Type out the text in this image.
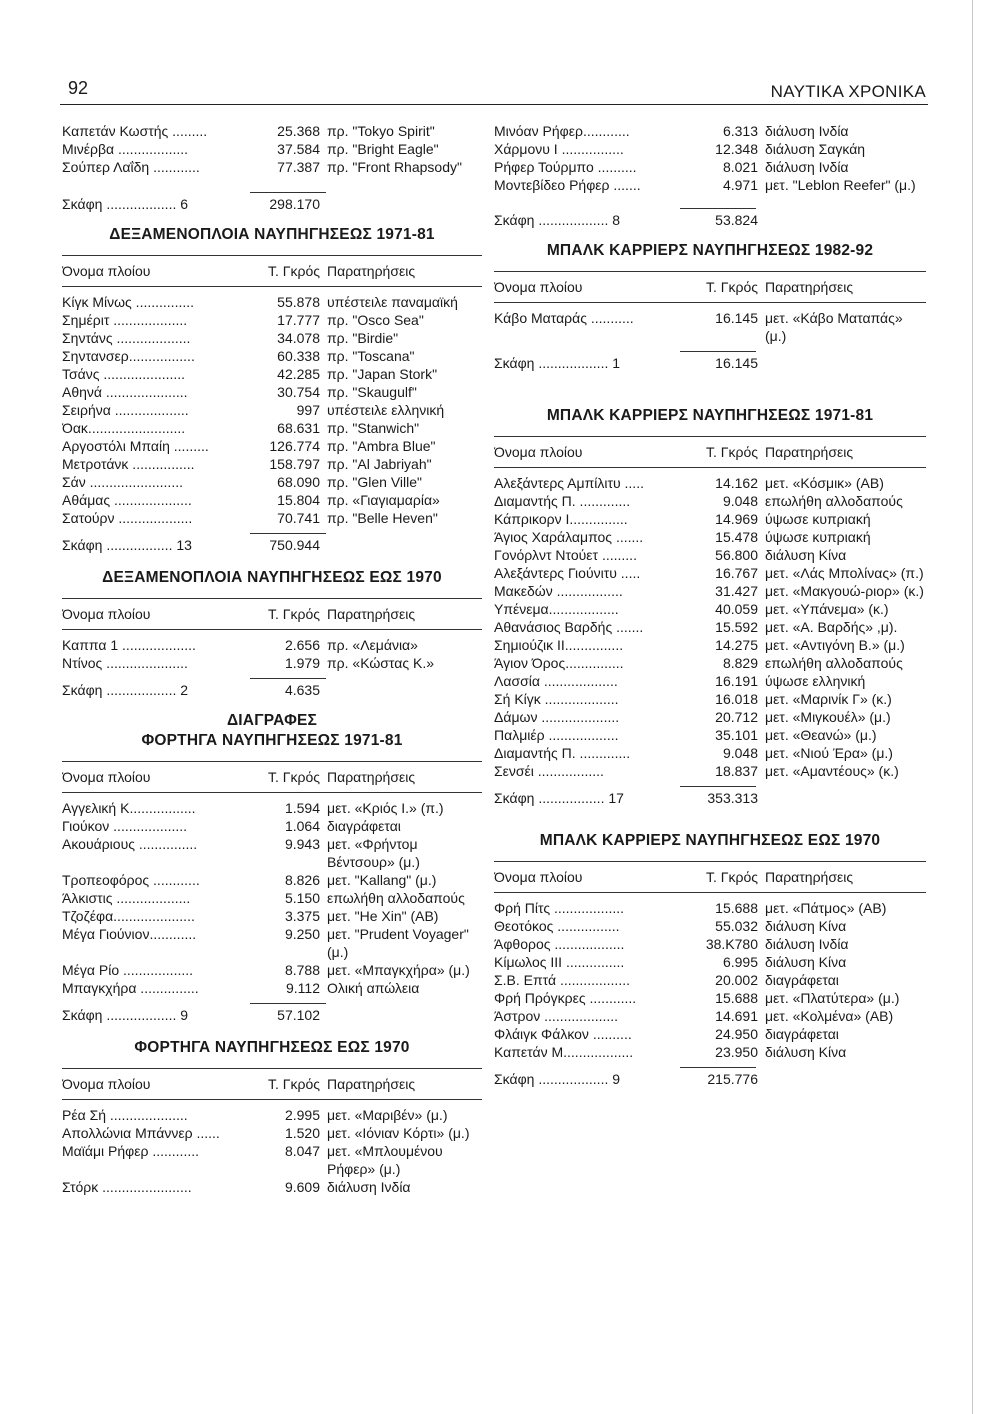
92	ΝΑΥΤΙΚΑ ΧΡΟΝΙΚΑ
Καπετάν Κωστής .........	25.368 πρ. "Tokyo Spirit"
Μινέρβα ..................	37.584 πρ. "Bright Eagle"
Σούπερ Λαΐδη ............	77.387 πρ. "Front Rhapsody"
Σκάφη .................. 6	298.170
ΔΕΞΑΜΕΝΟΠΛΟΙΑ ΝΑΥΠΗΓΗΣΕΩΣ 1971-81
Όνομα πλοίου	Τ. Γκρός Παρατηρήσεις
Κίγκ Μίνως ...............	55.878 υπέστειλε παναμαϊκή
Σημέριτ ...................	17.777 πρ. "Osco Sea"
Σηντάνς ...................	34.078 πρ. "Birdie"
Σηντανσερ.................	60.338 πρ. "Toscana"
Τσάνς .....................	42.285 πρ. "Japan Stork"
Αθηνά .....................	30.754 πρ. "Skaugulf"
Σειρήνα ...................	997 υπέστειλε ελληνική
Όακ.........................	68.631 πρ. "Stanwich"
Αργοστόλι Μπαίη .........	126.774 πρ. "Ambra Blue"
Μετροτάνκ ................	158.797 πρ. "Al Jabriyah"
Σάν ........................	68.090 πρ. "Glen Ville"
Αθάμας ....................	15.804 πρ. «Γιαγιαμαρία»
Σατούρν ...................	70.741 πρ. "Belle Heven"
Σκάφη ................. 13	750.944
ΔΕΞΑΜΕΝΟΠΛΟΙΑ ΝΑΥΠΗΓΗΣΕΩΣ ΕΩΣ 1970
Όνομα πλοίου	Τ. Γκρός Παρατηρήσεις
Καππα 1 ...................	2.656 πρ. «Λεμάνια»
Ντίνος .....................	1.979 πρ. «Κώστας Κ.»
Σκάφη .................. 2	4.635
ΔΙΑΓΡΑΦΕΣ
ΦΟΡΤΗΓΑ ΝΑΥΠΗΓΗΣΕΩΣ 1971-81
Όνομα πλοίου	Τ. Γκρός Παρατηρήσεις
Αγγελική Κ.................	1.594 μετ. «Κριός Ι.» (π.)
Γιούκον ...................	1.064 διαγράφεται
Ακουάριους ...............	9.943 μετ. «Φρήντομ Βέντσουρ» (μ.)
Τροπεοφόρος ............	8.826 μετ. "Kallang" (μ.)
Άλκιστις ...................	5.150 επωλήθη αλλοδαπούς
Τζοζέφα.....................	3.375 μετ. "He Xin" (AB)
Μέγα Γιούνιον............	9.250 μετ. "Prudent Voyager" (μ.)
Μέγα Ρίο ..................	8.788 μετ. «Μπαγκχήρα» (μ.)
Μπαγκχήρα ...............	9.112 Ολική απώλεια
Σκάφη .................. 9	57.102
ΦΟΡΤΗΓΑ ΝΑΥΠΗΓΗΣΕΩΣ ΕΩΣ 1970
Όνομα πλοίου	Τ. Γκρός Παρατηρήσεις
Ρέα Σή ....................	2.995 μετ. «Μαριβέν» (μ.)
Απολλώνια Μπάννερ ......	1.520 μετ. «Ιόνιαν Κόρτι» (μ.)
Μαϊάμι Ρήφερ ............	8.047 μετ. «Μπλουμένου Ρήφερ» (μ.)
Στόρκ .......................	9.609 διάλυση Ινδία
Μινόαν Ρήφερ............	6.313 διάλυση Ινδία
Χάρμονυ Ι ................	12.348 διάλυση Σαγκάη
Ρήφερ Τούρμπο ..........	8.021 διάλυση Ινδία
Μοντεβίδεο Ρήφερ .......	4.971 μετ. "Leblon Reefer" (μ.)
Σκάφη .................. 8	53.824
ΜΠΑΛΚ ΚΑΡΡΙΕΡΣ ΝΑΥΠΗΓΗΣΕΩΣ 1982-92
Όνομα πλοίου	Τ. Γκρός Παρατηρήσεις
Κάβο Ματαράς ...........	16.145 μετ. «Κάβο Ματαπάς» (μ.)
Σκάφη .................. 1	16.145
ΜΠΑΛΚ ΚΑΡΡΙΕΡΣ ΝΑΥΠΗΓΗΣΕΩΣ 1971-81
Όνομα πλοίου	Τ. Γκρός Παρατηρήσεις
Αλεξάντερς Αμπίλιτυ .....	14.162 μετ. «Κόσμικ» (AB)
Διαμαντής Π. .............	9.048 επωλήθη αλλοδαπούς
Κάπρικορν Ι...............	14.969 ύψωσε κυπριακή
Άγιος Χαράλαμπος .......	15.478 ύψωσε κυπριακή
Γονόρλντ Ντούετ .........	56.800 διάλυση Κίνα
Αλεξάντερς Γιούνιτυ .....	16.767 μετ. «Λάς Μπολίνας» (π.)
Μακεδών .................	31.427 μετ. «Μακγουώ-ριορ» (κ.)
Υπένεμα..................	40.059 μετ. «Υπάνεμα» (κ.)
Αθανάσιος Βαρδής .......	15.592 μετ. «Α. Βαρδής» ,μ).
Σημιούζικ ΙΙ...............	14.275 μετ. «Αντιγόνη Β.» (μ.)
Άγιον Όρος...............	8.829 επωλήθη αλλοδαπούς
Λασσία ...................	16.191 ύψωσε ελληνική
Σή Κίγκ ...................	16.018 μετ. «Μαρινίκ Γ» (κ.)
Δάμων ....................	20.712 μετ. «Μιγκουέλ» (μ.)
Παλμιέρ ..................	35.101 μετ. «Θεανώ» (μ.)
Διαμαντής Π. .............	9.048 μετ. «Νιού Έρα» (μ.)
Σενσέι .................	18.837 μετ. «Αμαντέους» (κ.)
Σκάφη ................. 17	353.313
ΜΠΑΛΚ ΚΑΡΡΙΕΡΣ ΝΑΥΠΗΓΗΣΕΩΣ ΕΩΣ 1970
Όνομα πλοίου	Τ. Γκρός Παρατηρήσεις
Φρή Πίτς ..................	15.688 μετ. «Πάτμος» (AB)
Θεοτόκος ................	55.032 διάλυση Κίνα
Άφθορος ..................	38.Κ780 διάλυση Ινδία
Κίμωλος ΙΙΙ ...............	6.995 διάλυση Κίνα
Σ.Β. Επτά ..................	20.002 διαγράφεται
Φρή Πρόγκρες ............	15.688 μετ. «Πλατύτερα» (μ.)
Άστρον ...................	14.691 μετ. «Κολμένα» (AB)
Φλάιγκ Φάλκον ..........	24.950 διαγράφεται
Καπετάν Μ..................	23.950 διάλυση Κίνα
Σκάφη .................. 9	215.776
